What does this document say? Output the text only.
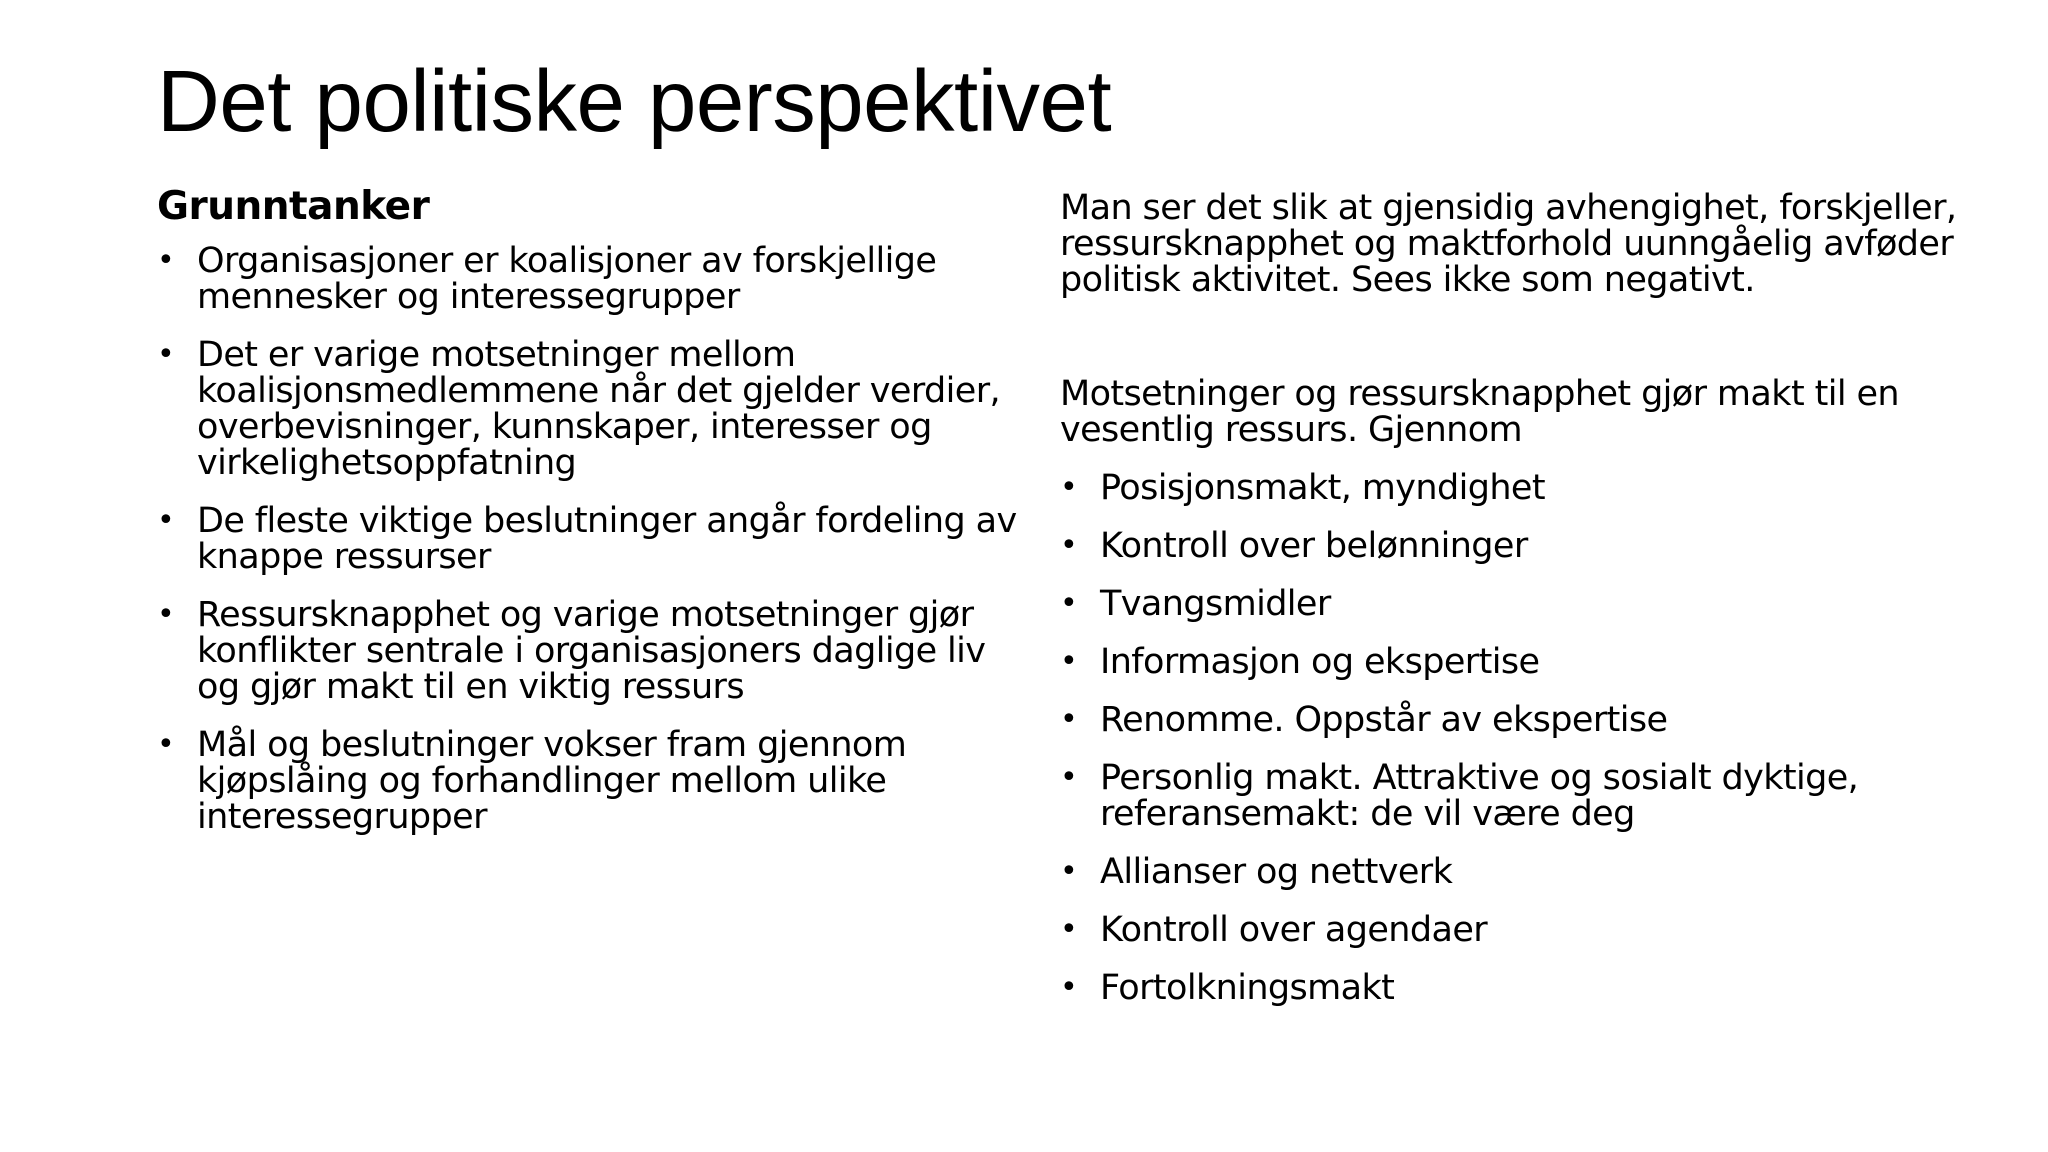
Det politiske perspektivet
Grunntanker
• Organisasjoner er koalisjoner av forskjellige mennesker og interessegrupper
• Det er varige motsetninger mellom koalisjonsmedlemmene når det gjelder verdier, overbevisninger, kunnskaper, interesser og virkelighetsoppfatning
• De fleste viktige beslutninger angår fordeling av knappe ressurser
• Ressursknapphet og varige motsetninger gjør konflikter sentrale i organisasjoners daglige liv og gjør makt til en viktig ressurs
• Mål og beslutninger vokser fram gjennom kjøpslåing og forhandlinger mellom ulike interessegrupper

Man ser det slik at gjensidig avhengighet, forskjeller, ressursknapphet og maktforhold uunngåelig avføder politisk aktivitet. Sees ikke som negativt.

Motsetninger og ressursknapphet gjør makt til en vesentlig ressurs. Gjennom

• Posisjonsmakt, myndighet
• Kontroll over belønninger
• Tvangsmidler
• Informasjon og ekspertise
• Renomme. Oppstår av ekspertise
• Personlig makt. Attraktive og sosialt dyktige, referansemakt: de vil være deg
• Allianser og nettverk
• Kontroll over agendaer
• Fortolkningsmakt
